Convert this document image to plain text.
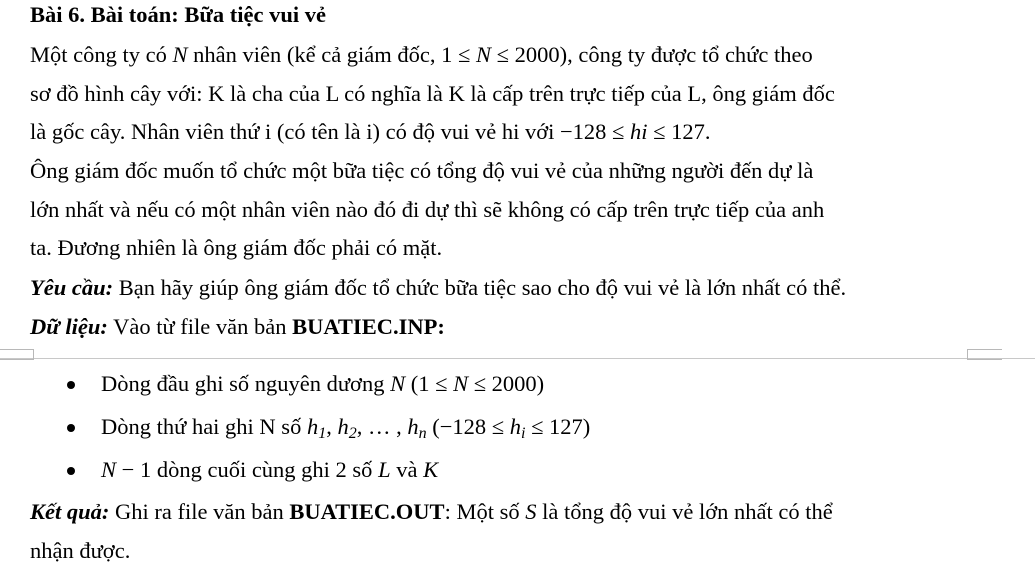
Bài 6. Bài toán: Bữa tiệc vui vẻ
Một công ty có N nhân viên (kể cả giám đốc, 1 ≤ N ≤ 2000), công ty được tổ chức theo
sơ đồ hình cây với: K là cha của L có nghĩa là K là cấp trên trực tiếp của L, ông giám đốc
là gốc cây. Nhân viên thứ i (có tên là i) có độ vui vẻ hi với −128 ≤ hi ≤ 127.
Ông giám đốc muốn tổ chức một bữa tiệc có tổng độ vui vẻ của những người đến dự là
lớn nhất và nếu có một nhân viên nào đó đi dự thì sẽ không có cấp trên trực tiếp của anh
ta. Đương nhiên là ông giám đốc phải có mặt.
Yêu cầu: Bạn hãy giúp ông giám đốc tổ chức bữa tiệc sao cho độ vui vẻ là lớn nhất có thể.
Dữ liệu: Vào từ file văn bản BUATIEC.INP:
Dòng đầu ghi số nguyên dương N (1 ≤ N ≤ 2000)
Dòng thứ hai ghi N số $h_1$, $h_2$, … , $h_n$ $(-128 \le h_i \le 127)$
N − 1 dòng cuối cùng ghi 2 số L và K
Kết quả: Ghi ra file văn bản BUATIEC.OUT: Một số S là tổng độ vui vẻ lớn nhất có thể
nhận được.
